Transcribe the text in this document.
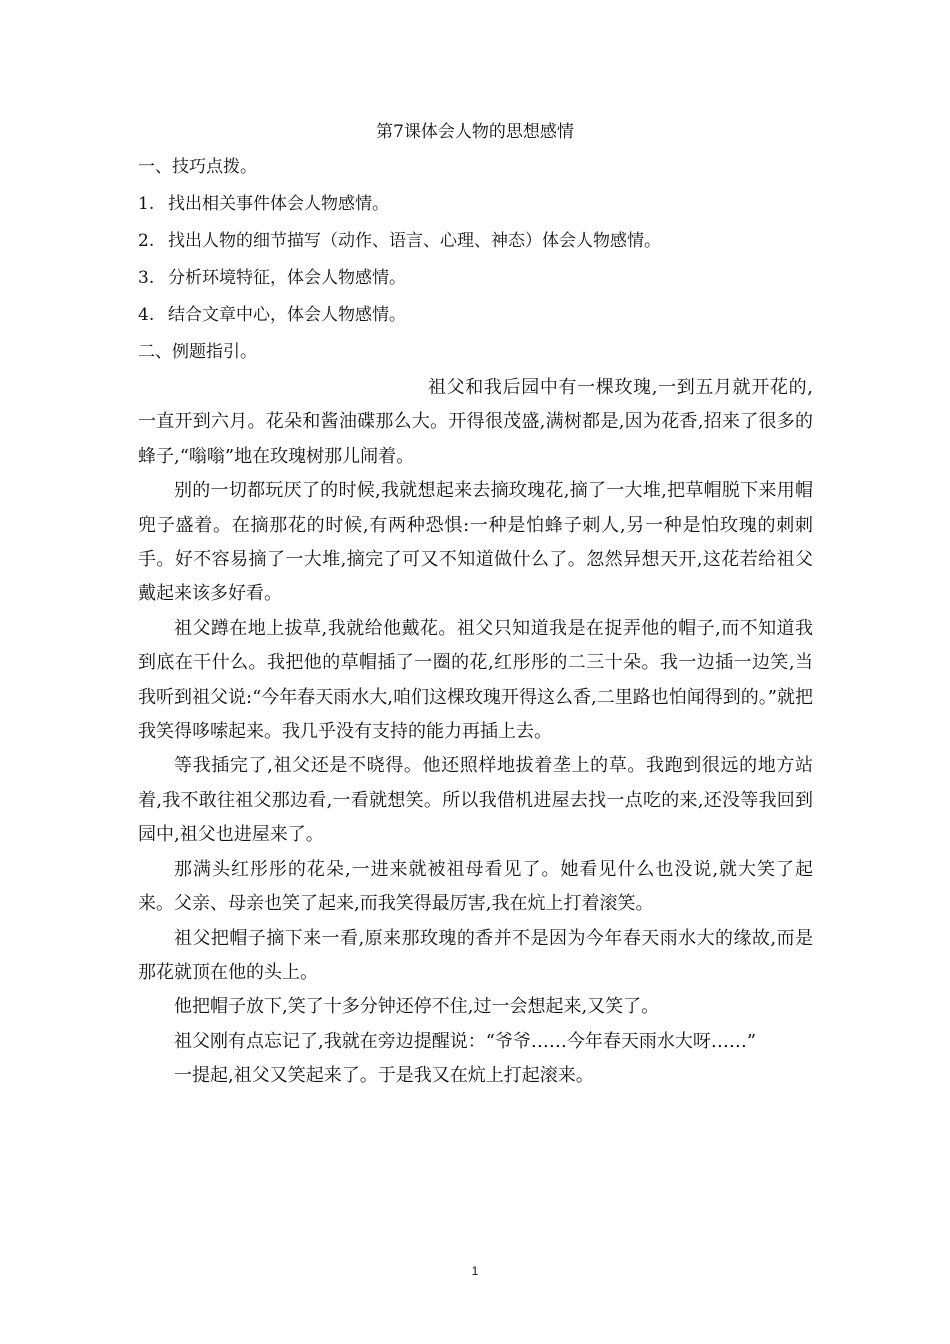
第7课体会人物的思想感情
一、技巧点拨。
1. 找出相关事件体会人物感情。
2. 找出人物的细节描写（动作、语言、心理、神态）体会人物感情。
3. 分析环境特征，体会人物感情。
4. 结合文章中心，体会人物感情。
二、例题指引。

祖父和我后园中有一棵玫瑰,一到五月就开花的,一直开到六月。花朵和酱油碟那么大。开得很茂盛,满树都是,因为花香,招来了很多的蜂子,“嗡嗡”地在玫瑰树那儿闹着。

别的一切都玩厌了的时候,我就想起来去摘玫瑰花,摘了一大堆,把草帽脱下来用帽兜子盛着。在摘那花的时候,有两种恐惧:一种是怕蜂子刺人,另一种是怕玫瑰的刺刺手。好不容易摘了一大堆,摘完了可又不知道做什么了。忽然异想天开,这花若给祖父戴起来该多好看。

祖父蹲在地上拔草,我就给他戴花。祖父只知道我是在捉弄他的帽子,而不知道我到底在干什么。我把他的草帽插了一圈的花,红彤彤的二三十朵。我一边插一边笑,当我听到祖父说:“今年春天雨水大,咱们这棵玫瑰开得这么香,二里路也怕闻得到的。”就把我笑得哆嗦起来。我几乎没有支持的能力再插上去。

等我插完了,祖父还是不晓得。他还照样地拔着垄上的草。我跑到很远的地方站着,我不敢往祖父那边看,一看就想笑。所以我借机进屋去找一点吃的来,还没等我回到园中,祖父也进屋来了。

那满头红彤彤的花朵,一进来就被祖母看见了。她看见什么也没说,就大笑了起来。父亲、母亲也笑了起来,而我笑得最厉害,我在炕上打着滚笑。

祖父把帽子摘下来一看,原来那玫瑰的香并不是因为今年春天雨水大的缘故,而是那花就顶在他的头上。

他把帽子放下,笑了十多分钟还停不住,过一会想起来,又笑了。

祖父刚有点忘记了,我就在旁边提醒说：“爷爷……今年春天雨水大呀……”

一提起,祖父又笑起来了。于是我又在炕上打起滚来。

1
